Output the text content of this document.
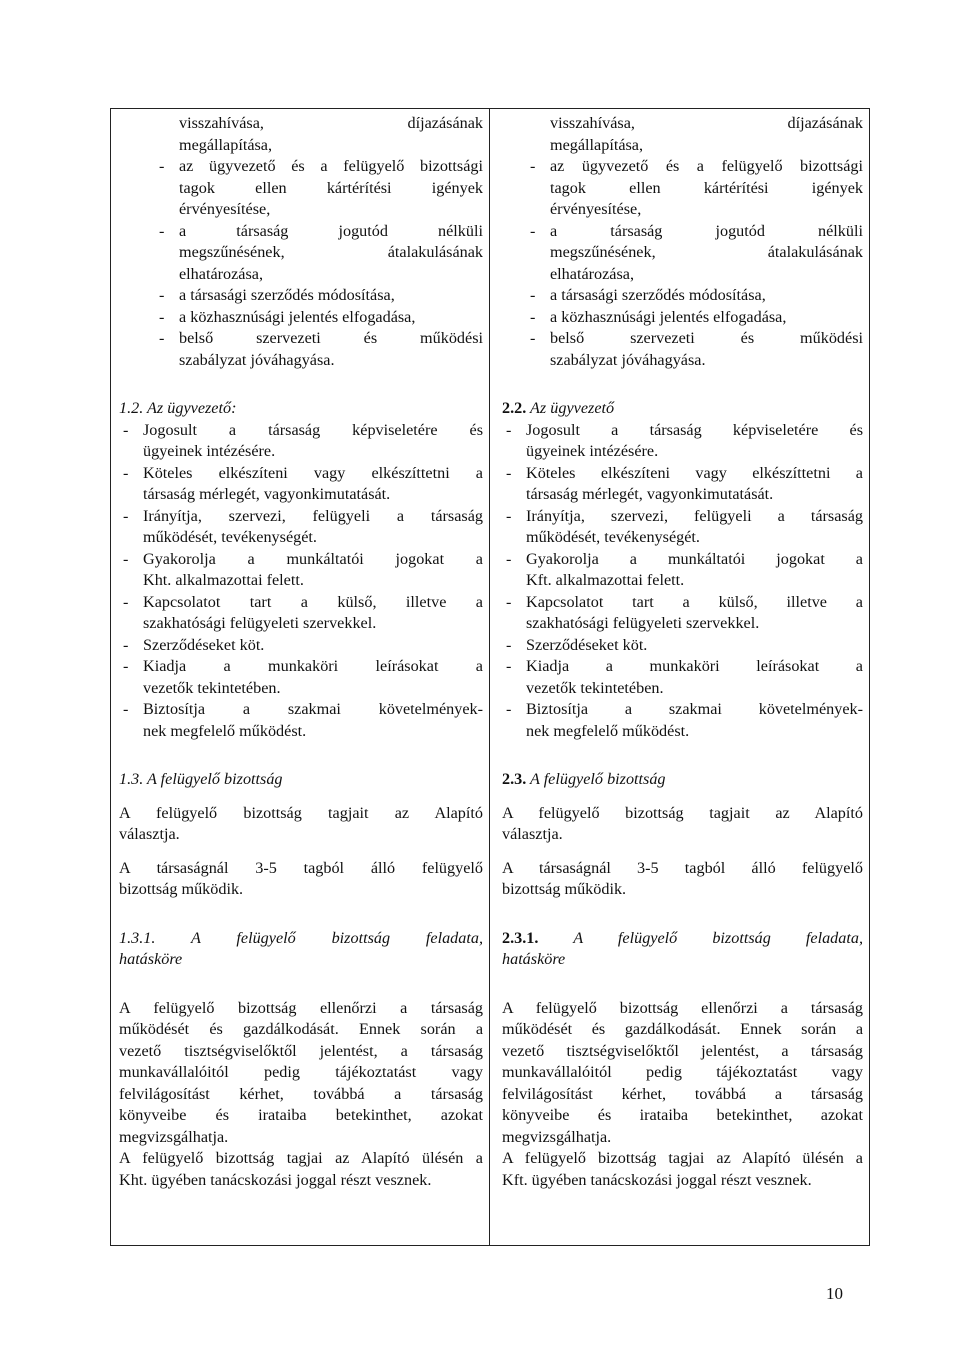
visszahívása,	díjazásának
megállapítása,
- az ügyvezető és a felügyelő bizottsági
tagok ellen kártérítési igények
érvényesítése,
- a társaság jogutód nélküli
megszűnésének, átalakulásának
elhatározása,
- a társasági szerződés módosítása,
- a közhasznúsági jelentés elfogadása,
- belső szervezeti és működési
szabályzat jóváhagyása.
1.2. Az ügyvezető:
- Jogosult a társaság képviseletére és
ügyeinek intézésére.
- Köteles elkészíteni vagy elkészíttetni a
társaság mérlegét, vagyonkimutatását.
- Irányítja, szervezi, felügyeli a társaság
működését, tevékenységét.
- Gyakorolja a munkáltatói jogokat a
Kht. alkalmazottai felett.
- Kapcsolatot tart a külső, illetve a
szakhatósági felügyeleti szervekkel.
- Szerződéseket köt.
- Kiadja a munkaköri leírásokat a
vezetők tekintetében.
- Biztosítja a szakmai követelmények-
nek megfelelő működést.
1.3. A felügyelő bizottság
A felügyelő bizottság tagjait az Alapító
választja.
A társaságnál 3-5 tagból álló felügyelő
bizottság működik.
1.3.1. A felügyelő bizottság feladata,
hatásköre
A felügyelő bizottság ellenőrzi a társaság
működését és gazdálkodását. Ennek során a
vezető tisztségviselőktől jelentést, a társaság
munkavállalóitól pedig tájékoztatást vagy
felvilágosítást kérhet, továbbá a társaság
könyveibe és irataiba betekinthet, azokat
megvizsgálhatja.
A felügyelő bizottság tagjai az Alapító ülésén a
Kht. ügyében tanácskozási joggal részt vesznek.
visszahívása,	díjazásának
megállapítása,
- az ügyvezető és a felügyelő bizottsági
tagok ellen kártérítési igények
érvényesítése,
- a társaság jogutód nélküli
megszűnésének, átalakulásának
elhatározása,
- a társasági szerződés módosítása,
- a közhasznúsági jelentés elfogadása,
- belső szervezeti és működési
szabályzat jóváhagyása.
2.2. Az ügyvezető
- Jogosult a társaság képviseletére és
ügyeinek intézésére.
- Köteles elkészíteni vagy elkészíttetni a
társaság mérlegét, vagyonkimutatását.
- Irányítja, szervezi, felügyeli a társaság
működését, tevékenységét.
- Gyakorolja a munkáltatói jogokat a
Kft. alkalmazottai felett.
- Kapcsolatot tart a külső, illetve a
szakhatósági felügyeleti szervekkel.
- Szerződéseket köt.
- Kiadja a munkaköri leírásokat a
vezetők tekintetében.
- Biztosítja a szakmai követelmények-
nek megfelelő működést.
2.3. A felügyelő bizottság
A felügyelő bizottság tagjait az Alapító
választja.
A társaságnál 3-5 tagból álló felügyelő
bizottság működik.
2.3.1. A felügyelő bizottság feladata,
hatásköre
A felügyelő bizottság ellenőrzi a társaság
működését és gazdálkodását. Ennek során a
vezető tisztségviselőktől jelentést, a társaság
munkavállalóitól pedig tájékoztatást vagy
felvilágosítást kérhet, továbbá a társaság
könyveibe és irataiba betekinthet, azokat
megvizsgálhatja.
A felügyelő bizottság tagjai az Alapító ülésén a
Kft. ügyében tanácskozási joggal részt vesznek.
10
